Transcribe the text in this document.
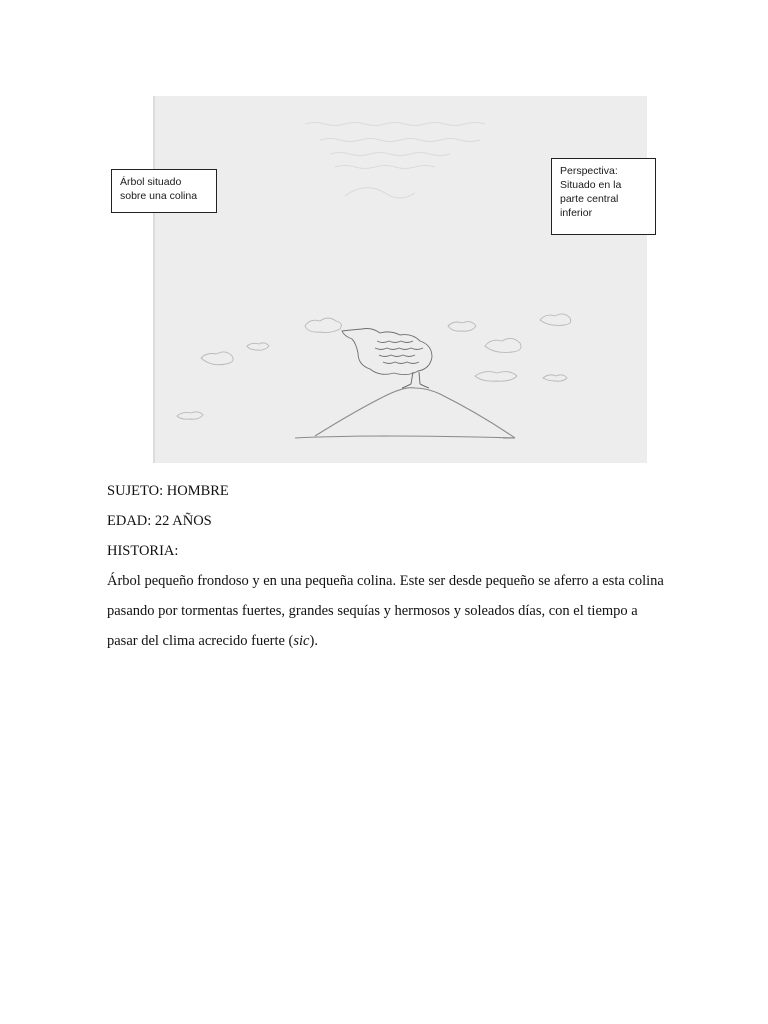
Árbol situado
sobre una colina
Perspectiva:
Situado en la
parte central
inferior

SUJETO: HOMBRE

EDAD: 22 AÑOS

HISTORIA:

Árbol pequeño frondoso y en una pequeña colina. Este ser desde pequeño se aferro a esta colina pasando por tormentas fuertes, grandes sequías y hermosos y soleados días, con el tiempo a pasar del clima acrecido fuerte (sic).
